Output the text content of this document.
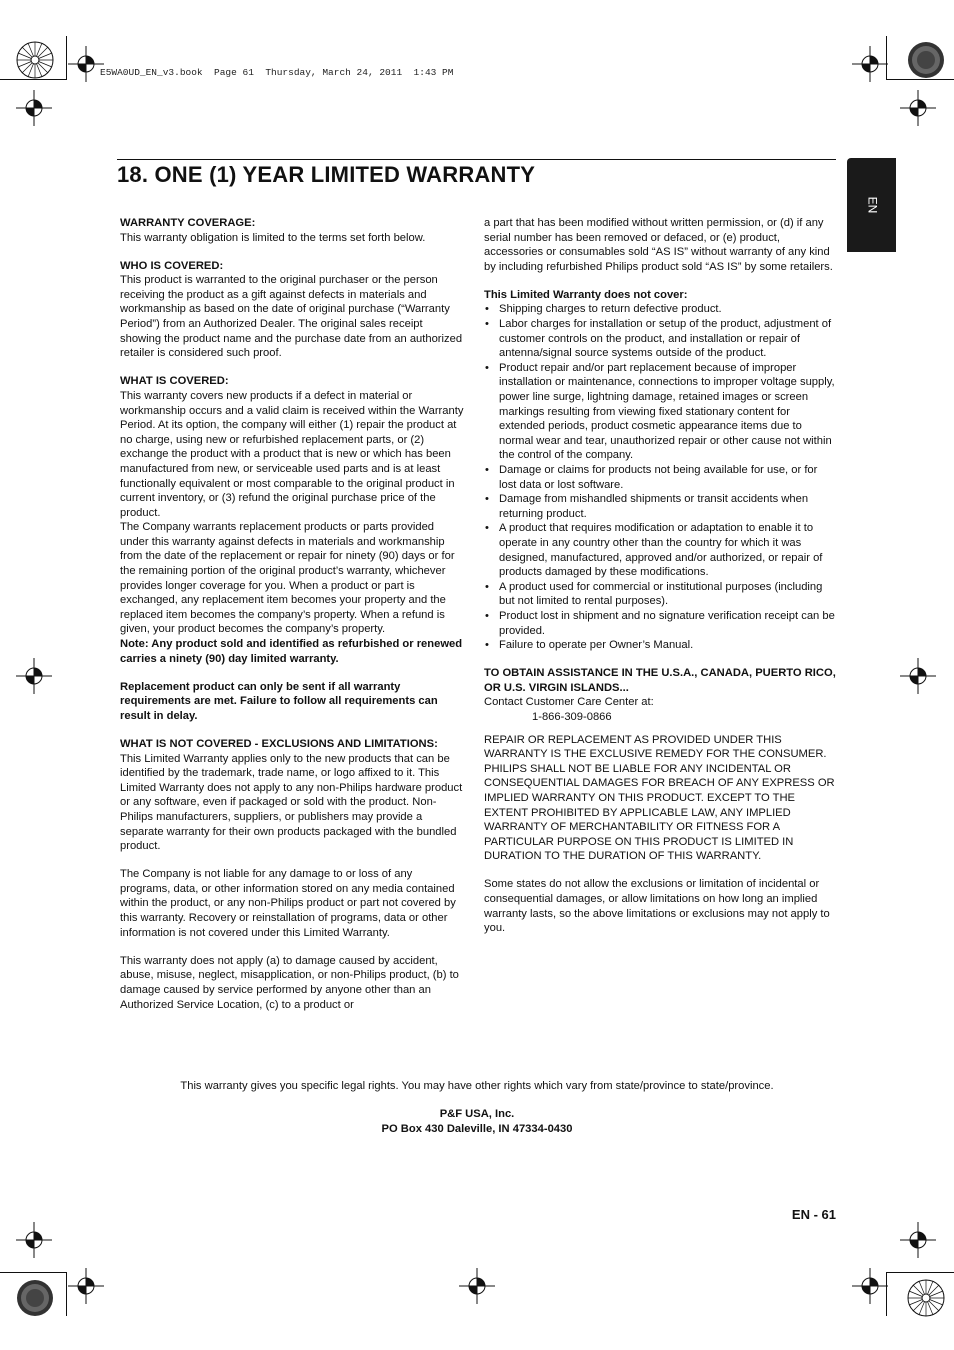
E5WA0UD_EN_v3.book  Page 61  Thursday, March 24, 2011  1:43 PM
18. ONE (1) YEAR LIMITED WARRANTY
EN
WARRANTY COVERAGE:

This warranty obligation is limited to the terms set forth below.

WHO IS COVERED:

This product is warranted to the original purchaser or the person receiving the product as a gift against defects in materials and workmanship as based on the date of original purchase (“Warranty Period”) from an Authorized Dealer. The original sales receipt showing the product name and the purchase date from an authorized retailer is considered such proof.

WHAT IS COVERED:

This warranty covers new products if a defect in material or workmanship occurs and a valid claim is received within the Warranty Period. At its option, the company will either (1) repair the product at no charge, using new or refurbished replacement parts, or (2) exchange the product with a product that is new or which has been manufactured from new, or serviceable used parts and is at least functionally equivalent or most comparable to the original product in current inventory, or (3) refund the original purchase price of the product.

The Company warrants replacement products or parts provided under this warranty against defects in materials and workmanship from the date of the replacement or repair for ninety (90) days or for the remaining portion of the original product’s warranty, whichever provides longer coverage for you. When a product or part is exchanged, any replacement item becomes your property and the replaced item becomes the company’s property. When a refund is given, your product becomes the company’s property.

Note: Any product sold and identified as refurbished or renewed carries a ninety (90) day limited warranty.

Replacement product can only be sent if all warranty requirements are met. Failure to follow all requirements can result in delay.

WHAT IS NOT COVERED - EXCLUSIONS AND LIMITATIONS:

This Limited Warranty applies only to the new products that can be identified by the trademark, trade name, or logo affixed to it. This Limited Warranty does not apply to any non-Philips hardware product or any software, even if packaged or sold with the product. Non-Philips manufacturers, suppliers, or publishers may provide a separate warranty for their own products packaged with the bundled product.

The Company is not liable for any damage to or loss of any programs, data, or other information stored on any media contained within the product, or any non-Philips product or part not covered by this warranty. Recovery or reinstallation of programs, data or other information is not covered under this Limited Warranty.

This warranty does not apply (a) to damage caused by accident, abuse, misuse, neglect, misapplication, or non-Philips product, (b) to damage caused by service performed by anyone other than an Authorized Service Location, (c) to a product or

a part that has been modified without written permission, or (d) if any serial number has been removed or defaced, or (e) product, accessories or consumables sold “AS IS” without warranty of any kind by including refurbished Philips product sold “AS IS” by some retailers.

This Limited Warranty does not cover:
• Shipping charges to return defective product.
• Labor charges for installation or setup of the product, adjustment of customer controls on the product, and installation or repair of antenna/signal source systems outside of the product.
• Product repair and/or part replacement because of improper installation or maintenance, connections to improper voltage supply, power line surge, lightning damage, retained images or screen markings resulting from viewing fixed stationary content for extended periods, product cosmetic appearance items due to normal wear and tear, unauthorized repair or other cause not within the control of the company.
• Damage or claims for products not being available for use, or for lost data or lost software.
• Damage from mishandled shipments or transit accidents when returning product.
• A product that requires modification or adaptation to enable it to operate in any country other than the country for which it was designed, manufactured, approved and/or authorized, or repair of products damaged by these modifications.
• A product used for commercial or institutional purposes (including but not limited to rental purposes).
• Product lost in shipment and no signature verification receipt can be provided.
• Failure to operate per Owner’s Manual.
TO OBTAIN ASSISTANCE IN THE U.S.A., CANADA, PUERTO RICO, OR U.S. VIRGIN ISLANDS...

Contact Customer Care Center at:

1-866-309-0866

REPAIR OR REPLACEMENT AS PROVIDED UNDER THIS WARRANTY IS THE EXCLUSIVE REMEDY FOR THE CONSUMER. PHILIPS SHALL NOT BE LIABLE FOR ANY INCIDENTAL OR CONSEQUENTIAL DAMAGES FOR BREACH OF ANY EXPRESS OR IMPLIED WARRANTY ON THIS PRODUCT. EXCEPT TO THE EXTENT PROHIBITED BY APPLICABLE LAW, ANY IMPLIED WARRANTY OF MERCHANTABILITY OR FITNESS FOR A PARTICULAR PURPOSE ON THIS PRODUCT IS LIMITED IN DURATION TO THE DURATION OF THIS WARRANTY.

Some states do not allow the exclusions or limitation of incidental or consequential damages, or allow limitations on how long an implied warranty lasts, so the above limitations or exclusions may not apply to you.

This warranty gives you specific legal rights. You may have other rights which vary from state/province to state/province.
P&F USA, Inc.
PO Box 430 Daleville, IN 47334-0430
EN - 61
